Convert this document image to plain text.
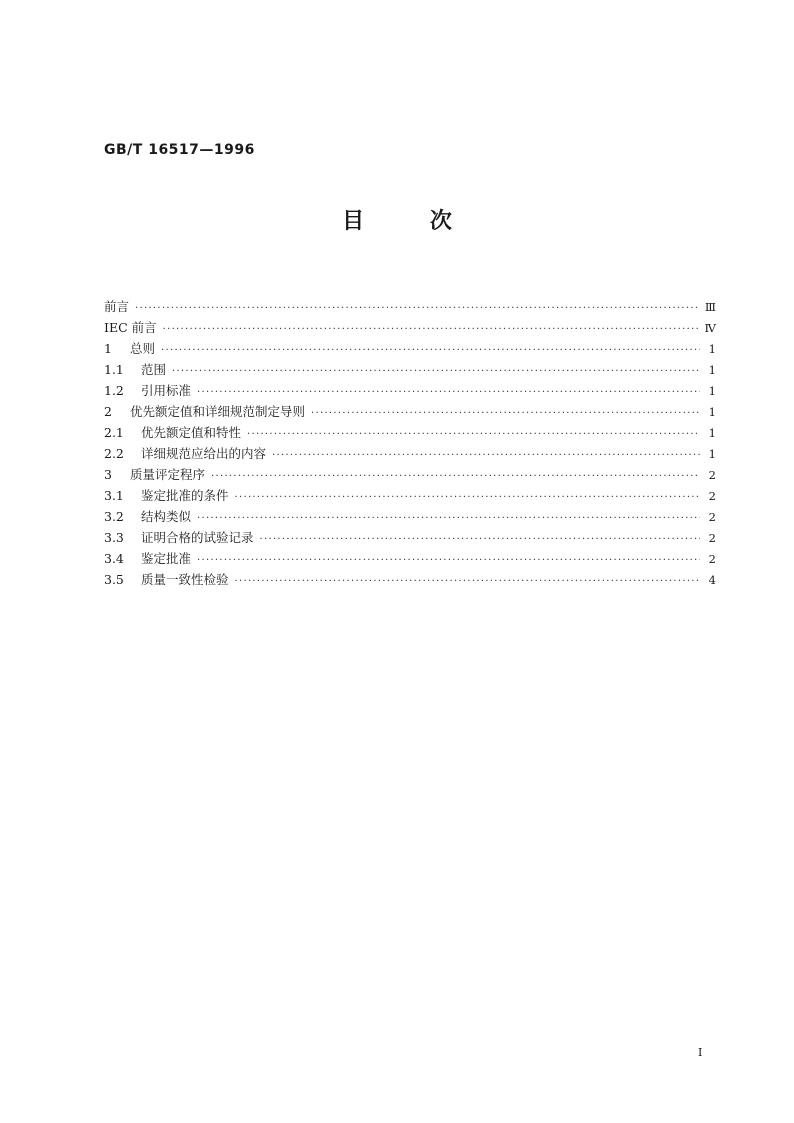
GB/T 16517—1996
目 次
前言 ·····	Ⅲ
IEC 前言 ·····	Ⅳ
1	总则 ·····	1
1.1	范围 ·····	1
1.2	引用标准 ·····	1
2	优先额定值和详细规范制定导则 ·····	1
2.1	优先额定值和特性 ·····	1
2.2	详细规范应给出的内容 ·····	1
3	质量评定程序 ·····	2
3.1	鉴定批准的条件 ·····	2
3.2	结构类似 ·····	2
3.3	证明合格的试验记录 ·····	2
3.4	鉴定批准 ·····	2
3.5	质量一致性检验 ·····	4
Ⅰ
